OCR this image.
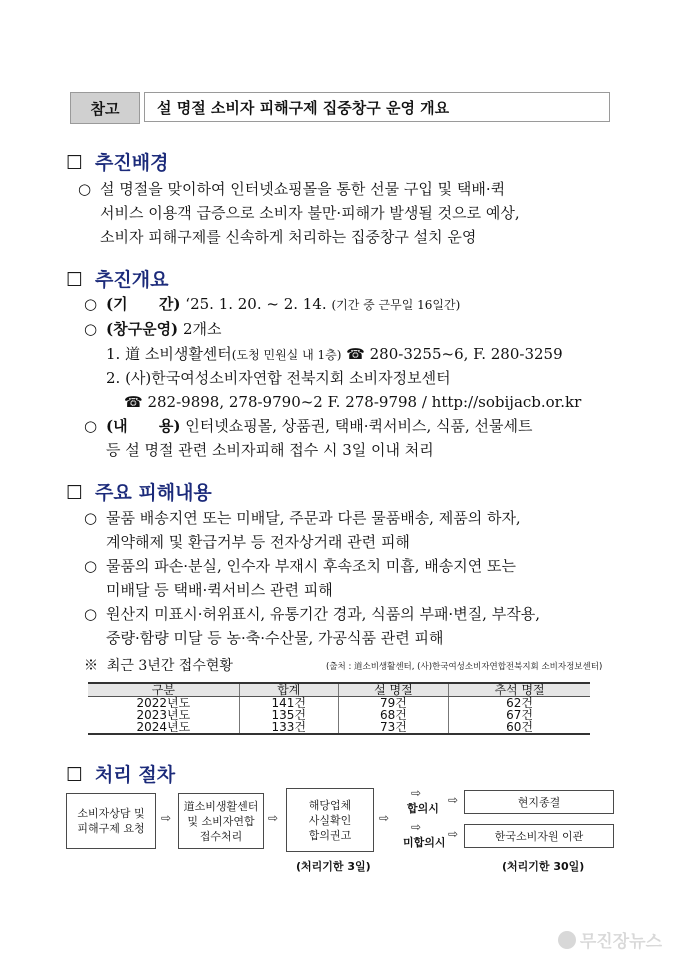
참고	설 명절 소비자 피해구제 집중창구 운영 개요
☐ 추진배경
○ 설 명절을 맞이하여 인터넷쇼핑몰을 통한 선물 구입 및 택배·퀵
서비스 이용객 급증으로 소비자 불만·피해가 발생될 것으로 예상,
소비자 피해구제를 신속하게 처리하는 집중창구 설치 운영
☐ 추진개요
○ (기      간) ‘25. 1. 20. ~ 2. 14. (기간 중 근무일 16일간)
○ (창구운영) 2개소
1. 道 소비생활센터(도청 민원실 내 1층) ☎ 280-3255~6, F. 280-3259
2. (사)한국여성소비자연합 전북지회 소비자정보센터
☎ 282-9898, 278-9790~2 F. 278-9798 / http://sobijacb.or.kr
○ (내      용) 인터넷쇼핑몰, 상품권, 택배·퀵서비스, 식품, 선물세트
등 설 명절 관련 소비자피해 접수 시 3일 이내 처리
☐ 주요 피해내용
○ 물품 배송지연 또는 미배달, 주문과 다른 물품배송, 제품의 하자,
계약해제 및 환급거부 등 전자상거래 관련 피해
○ 물품의 파손·분실, 인수자 부재시 후속조치 미흡, 배송지연 또는
미배달 등 택배·퀵서비스 관련 피해
○ 원산지 미표시·허위표시, 유통기간 경과, 식품의 부패·변질, 부작용,
중량·함량 미달 등 농·축·수산물, 가공식품 관련 피해
※ 최근 3년간 접수현황	(출처 : 道소비생활센터, (사)한국여성소비자연합전북지회 소비자정보센터)
구분	합계	설 명절	추석 명절
2022년도	141건	79건	62건
2023년도	135건	68건	67건
2024년도	133건	73건	60건
☐ 처리 절차
소비자상담 및
피해구제 요청
⇨
道소비생활센터
및 소비자연합
접수처리
⇨
해당업체
사실확인
합의권고
⇨
⇨
합의시
⇨	현지종결
⇨
미합의시
⇨	한국소비자원 이관
(처리기한 3일)	(처리기한 30일)
무진장뉴스
